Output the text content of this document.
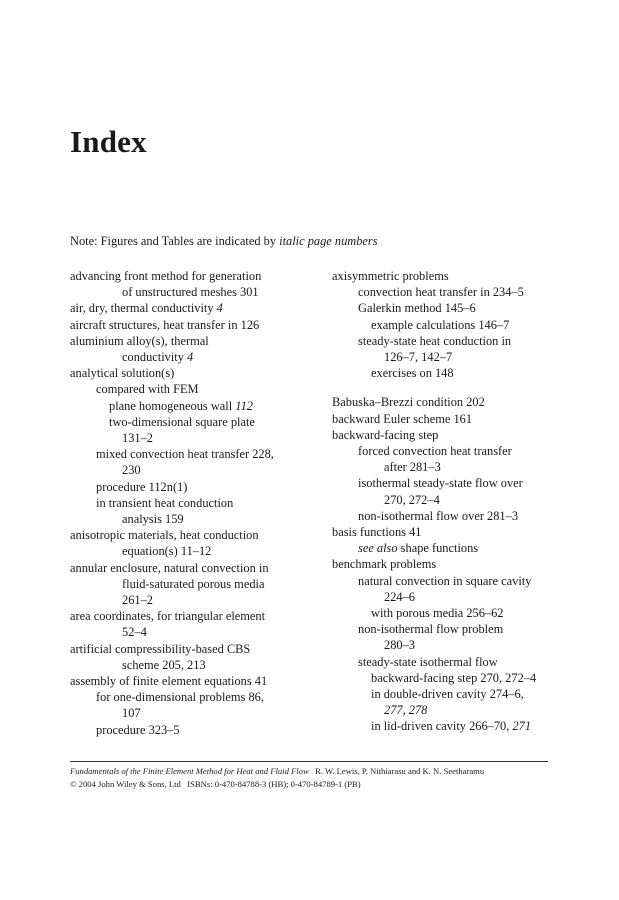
Index
Note: Figures and Tables are indicated by italic page numbers
advancing front method for generation
of unstructured meshes 301
air, dry, thermal conductivity 4
aircraft structures, heat transfer in 126
aluminium alloy(s), thermal
conductivity 4
analytical solution(s)
compared with FEM
plane homogeneous wall 112
two-dimensional square plate
131–2
mixed convection heat transfer 228,
230
procedure 112n(1)
in transient heat conduction
analysis 159
anisotropic materials, heat conduction
equation(s) 11–12
annular enclosure, natural convection in
fluid-saturated porous media
261–2
area coordinates, for triangular element
52–4
artificial compressibility-based CBS
scheme 205, 213
assembly of finite element equations 41
for one-dimensional problems 86,
107
procedure 323–5
axisymmetric problems
convection heat transfer in 234–5
Galerkin method 145–6
example calculations 146–7
steady-state heat conduction in
126–7, 142–7
exercises on 148
Babuska–Brezzi condition 202
backward Euler scheme 161
backward-facing step
forced convection heat transfer
after 281–3
isothermal steady-state flow over
270, 272–4
non-isothermal flow over 281–3
basis functions 41
see also shape functions
benchmark problems
natural convection in square cavity
224–6
with porous media 256–62
non-isothermal flow problem
280–3
steady-state isothermal flow
backward-facing step 270, 272–4
in double-driven cavity 274–6,
277, 278
in lid-driven cavity 266–70, 271
Fundamentals of the Finite Element Method for Heat and Fluid Flow R. W. Lewis, P. Nithiarasu and K. N. Seetharamu
© 2004 John Wiley & Sons, Ltd ISBNs: 0-470-84788-3 (HB); 0-470-84789-1 (PB)
